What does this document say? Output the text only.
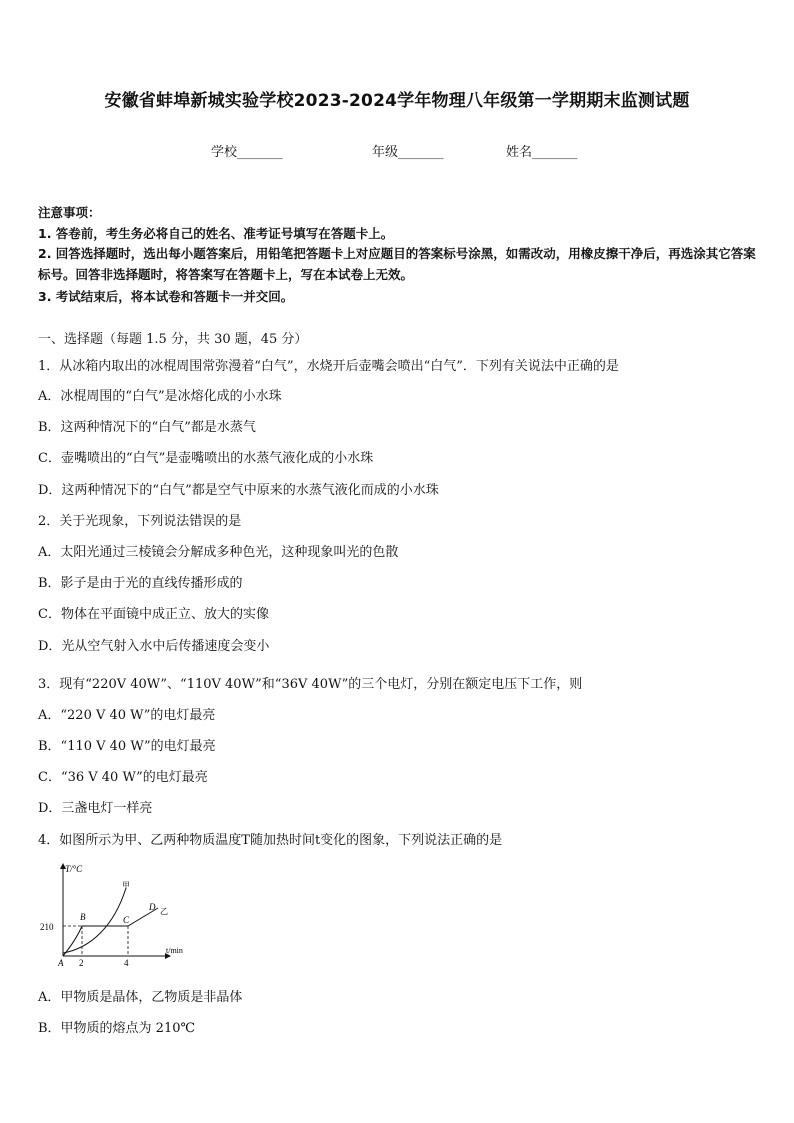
安徽省蚌埠新城实验学校2023-2024学年物理八年级第一学期期末监测试题
学校_______	年级_______	姓名_______
注意事项：
1. 答卷前，考生务必将自己的姓名、准考证号填写在答题卡上。
2. 回答选择题时，选出每小题答案后，用铅笔把答题卡上对应题目的答案标号涂黑，如需改动，用橡皮擦干净后，再选涂其它答案标号。回答非选择题时，将答案写在答题卡上，写在本试卷上无效。
3. 考试结束后，将本试卷和答题卡一并交回。
一、选择题（每题 1.5 分，共 30 题，45 分）
1．从冰箱内取出的冰棍周围常弥漫着“白气”，水烧开后壶嘴会喷出“白气”．下列有关说法中正确的是
A．冰棍周围的“白气”是冰熔化成的小水珠
B．这两种情况下的“白气”都是水蒸气
C．壶嘴喷出的“白气”是壶嘴喷出的水蒸气液化成的小水珠
D．这两种情况下的“白气”都是空气中原来的水蒸气液化而成的小水珠
2．关于光现象，下列说法错误的是
A．太阳光通过三棱镜会分解成多种色光，这种现象叫光的色散
B．影子是由于光的直线传播形成的
C．物体在平面镜中成正立、放大的实像
D．光从空气射入水中后传播速度会变小
3．现有“220V 40W”、“110V 40W”和“36V 40W”的三个电灯，分别在额定电压下工作，则
A．“220 V 40 W”的电灯最亮
B．“110 V 40 W”的电灯最亮
C．“36 V 40 W”的电灯最亮
D．三盏电灯一样亮
4．如图所示为甲、乙两种物质温度T随加热时间t变化的图象，下列说法正确的是
T/°C
t/min
210
2	4
A
B	C
D
甲
乙
A．甲物质是晶体，乙物质是非晶体
B．甲物质的熔点为 210℃
